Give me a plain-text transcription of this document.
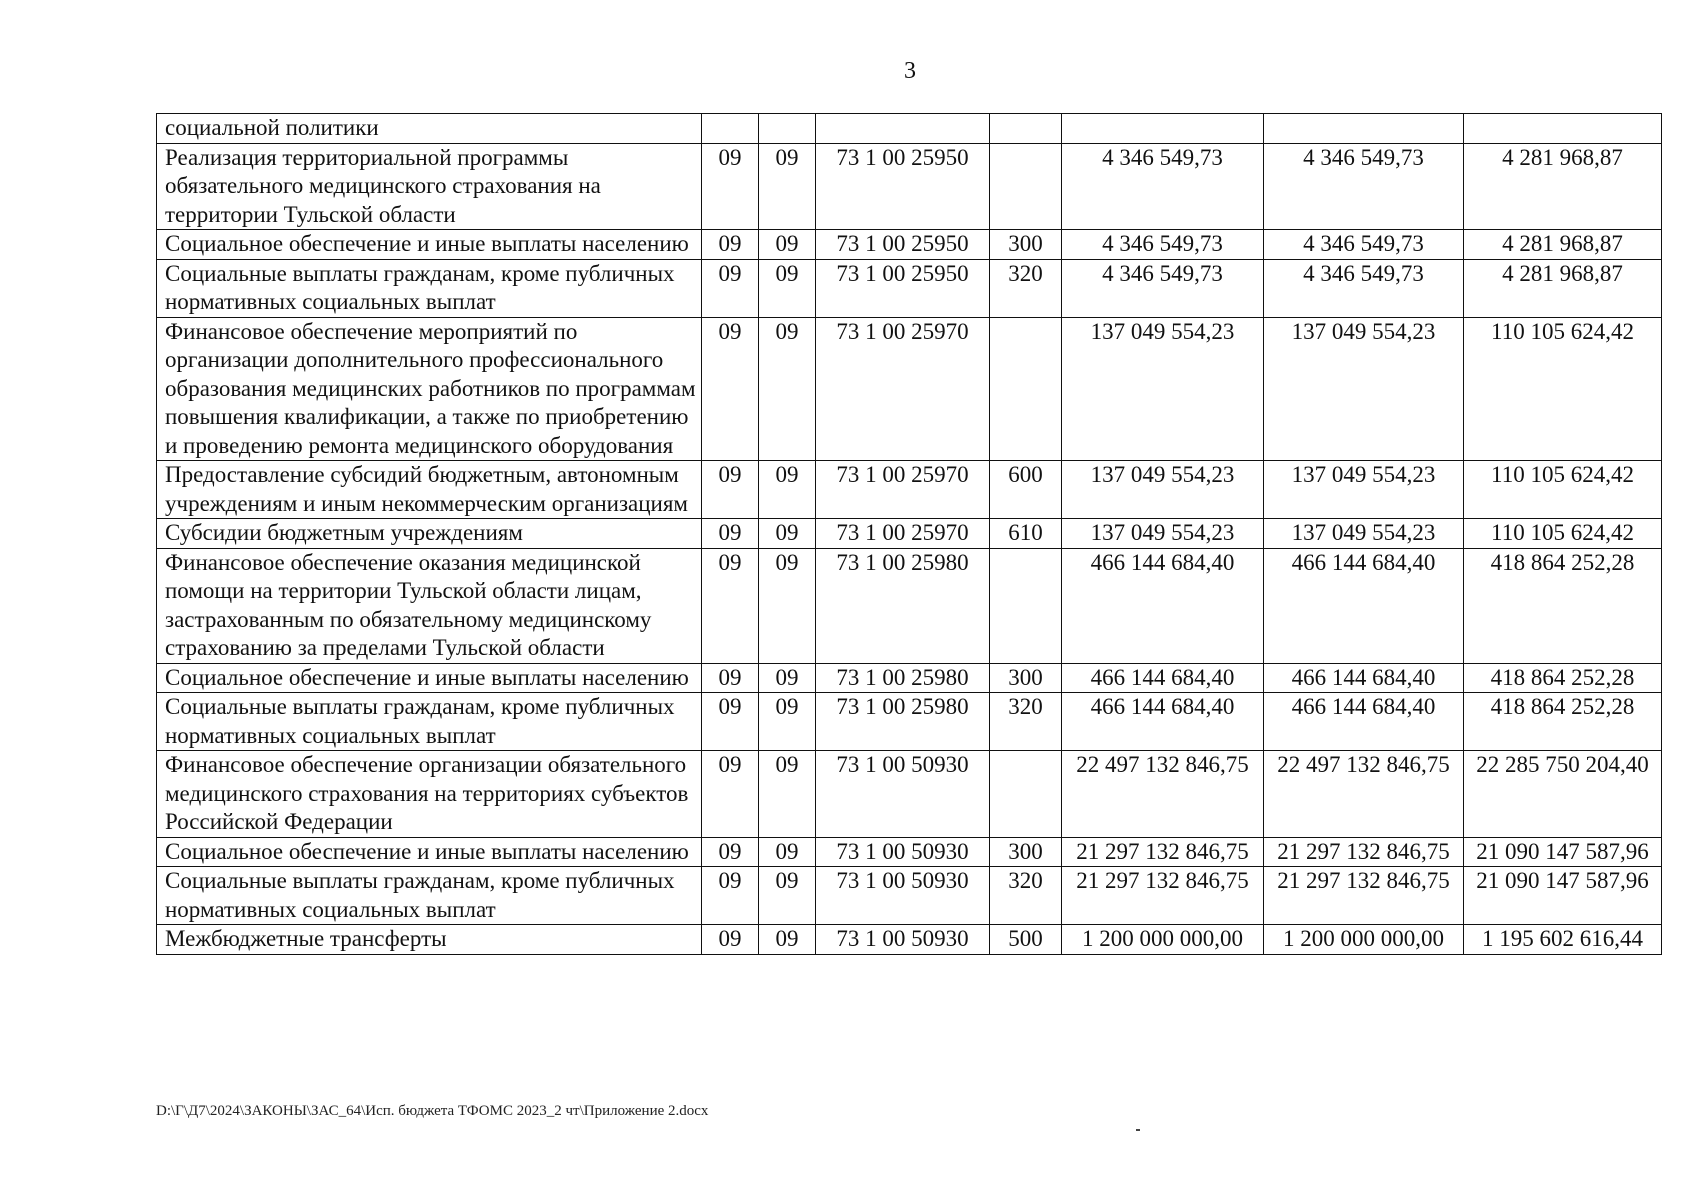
3
социальной политики							
Реализация территориальной программы обязательного медицинского страхования на территории Тульской области	09	09	73 1 00 25950		4 346 549,73	4 346 549,73	4 281 968,87
Социальное обеспечение и иные выплаты населению	09	09	73 1 00 25950	300	4 346 549,73	4 346 549,73	4 281 968,87
Социальные выплаты гражданам, кроме публичных нормативных социальных выплат	09	09	73 1 00 25950	320	4 346 549,73	4 346 549,73	4 281 968,87
Финансовое обеспечение мероприятий по организации дополнительного профессионального образования медицинских работников по программам повышения квалификации, а также по приобретению и проведению ремонта медицинского оборудования	09	09	73 1 00 25970		137 049 554,23	137 049 554,23	110 105 624,42
Предоставление субсидий бюджетным, автономным учреждениям и иным некоммерческим организациям	09	09	73 1 00 25970	600	137 049 554,23	137 049 554,23	110 105 624,42
Субсидии бюджетным учреждениям	09	09	73 1 00 25970	610	137 049 554,23	137 049 554,23	110 105 624,42
Финансовое обеспечение оказания медицинской помощи на территории Тульской области лицам, застрахованным по обязательному медицинскому страхованию за пределами Тульской области	09	09	73 1 00 25980		466 144 684,40	466 144 684,40	418 864 252,28
Социальное обеспечение и иные выплаты населению	09	09	73 1 00 25980	300	466 144 684,40	466 144 684,40	418 864 252,28
Социальные выплаты гражданам, кроме публичных нормативных социальных выплат	09	09	73 1 00 25980	320	466 144 684,40	466 144 684,40	418 864 252,28
Финансовое обеспечение организации обязательного медицинского страхования на территориях субъектов Российской Федерации	09	09	73 1 00 50930		22 497 132 846,75	22 497 132 846,75	22 285 750 204,40
Социальное обеспечение и иные выплаты населению	09	09	73 1 00 50930	300	21 297 132 846,75	21 297 132 846,75	21 090 147 587,96
Социальные выплаты гражданам, кроме публичных нормативных социальных выплат	09	09	73 1 00 50930	320	21 297 132 846,75	21 297 132 846,75	21 090 147 587,96
Межбюджетные трансферты	09	09	73 1 00 50930	500	1 200 000 000,00	1 200 000 000,00	1 195 602 616,44
D:\Г\Д7\2024\ЗАКОНЫ\ЗАС_64\Исп. бюджета ТФОМС 2023_2 чт\Приложение 2.docx
